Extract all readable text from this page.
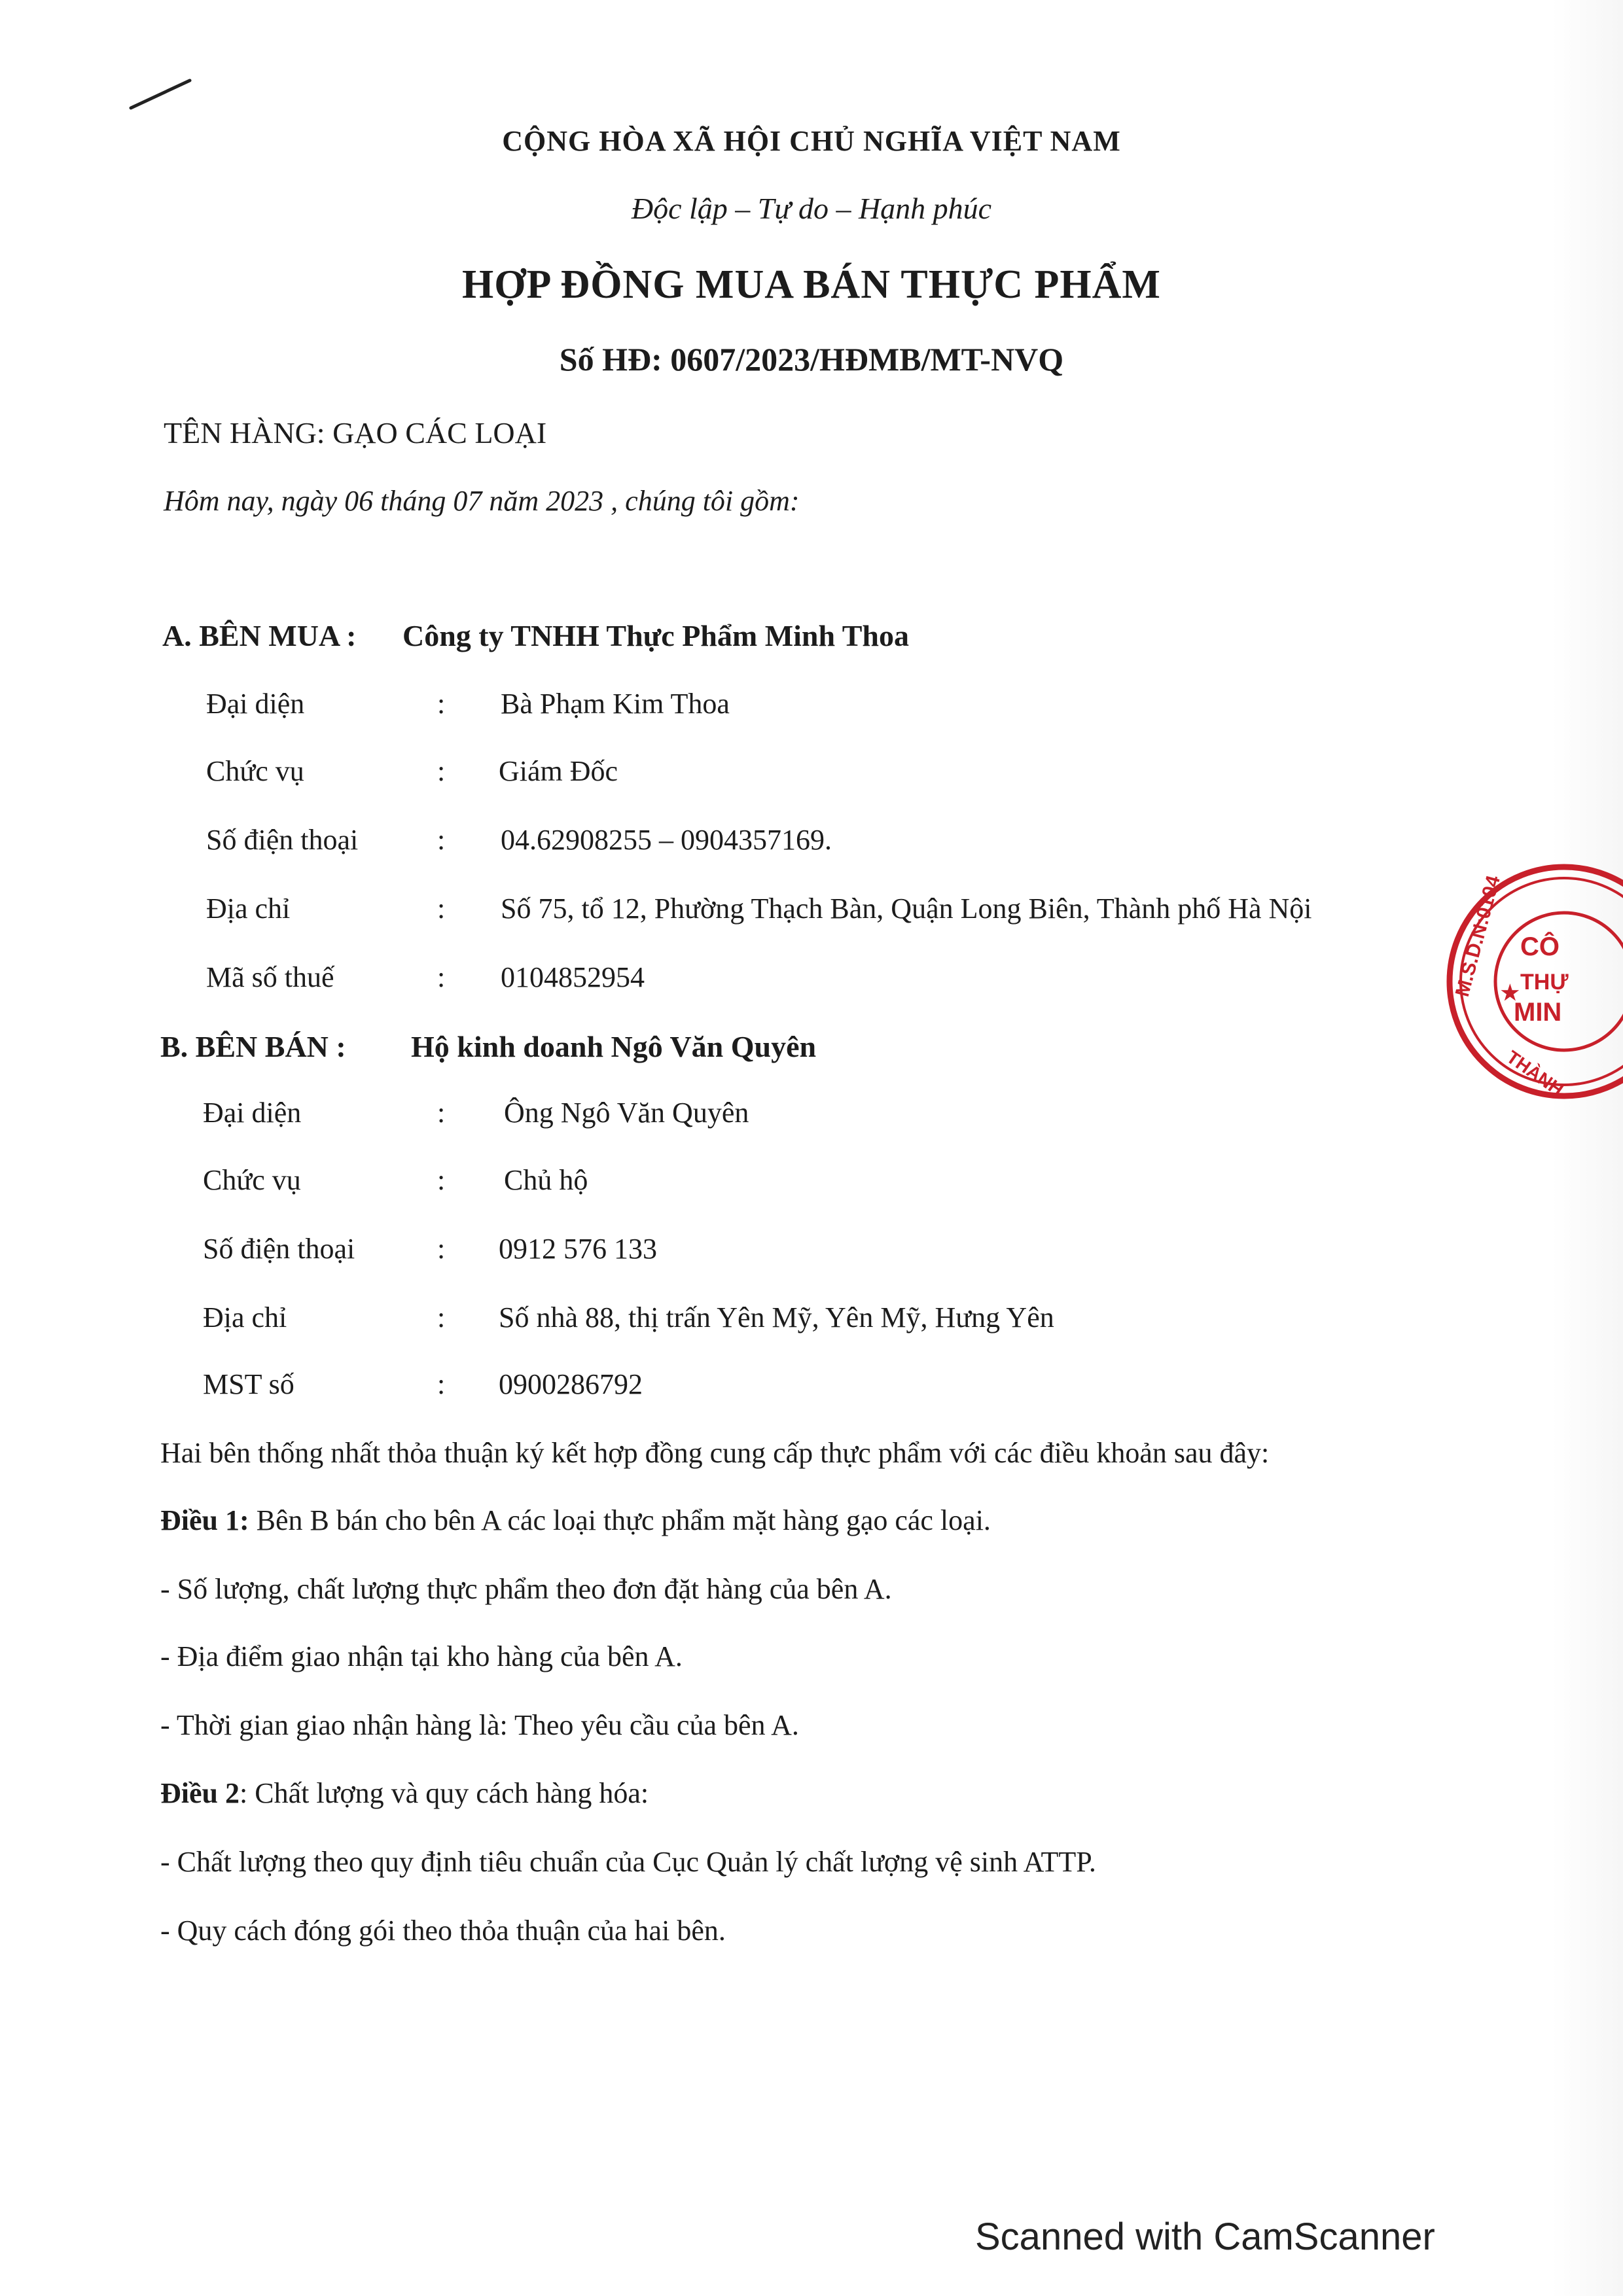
CỘNG HÒA XÃ HỘI CHỦ NGHĨA VIỆT NAM
Độc lập – Tự do – Hạnh phúc
HỢP ĐỒNG MUA BÁN THỰC PHẨM
Số HĐ: 0607/2023/HĐMB/MT-NVQ
TÊN HÀNG: GẠO CÁC LOẠI
Hôm nay, ngày 06 tháng 07 năm 2023 , chúng tôi gồm:
A. BÊN MUA : Công ty TNHH Thực Phẩm Minh Thoa
Đại diện	: Bà Phạm Kim Thoa
Chức vụ	: Giám Đốc
Số điện thoại	: 04.62908255 – 0904357169.
Địa chỉ	: Số 75, tổ 12, Phường Thạch Bàn, Quận Long Biên, Thành phố Hà Nội
Mã số thuế	: 0104852954
B. BÊN BÁN : Hộ kinh doanh Ngô Văn Quyên
Đại diện	: Ông Ngô Văn Quyên
Chức vụ	: Chủ hộ
Số điện thoại	: 0912 576 133
Địa chỉ	: Số nhà 88, thị trấn Yên Mỹ, Yên Mỹ, Hưng Yên
MST số	: 0900286792
Hai bên thống nhất thỏa thuận ký kết hợp đồng cung cấp thực phẩm với các điều khoản sau đây:
Điều 1: Bên B bán cho bên A các loại thực phẩm mặt hàng gạo các loại.
- Số lượng, chất lượng thực phẩm theo đơn đặt hàng của bên A.
- Địa điểm giao nhận tại kho hàng của bên A.
- Thời gian giao nhận hàng là: Theo yêu cầu của bên A.
Điều 2: Chất lượng và quy cách hàng hóa:
- Chất lượng theo quy định tiêu chuẩn của Cục Quản lý chất lượng vệ sinh ATTP.
- Quy cách đóng gói theo thỏa thuận của hai bên.
M.S.D.N:0104 CÔ
THỰ
MIN
★
THÀNH
Scanned with CamScanner
